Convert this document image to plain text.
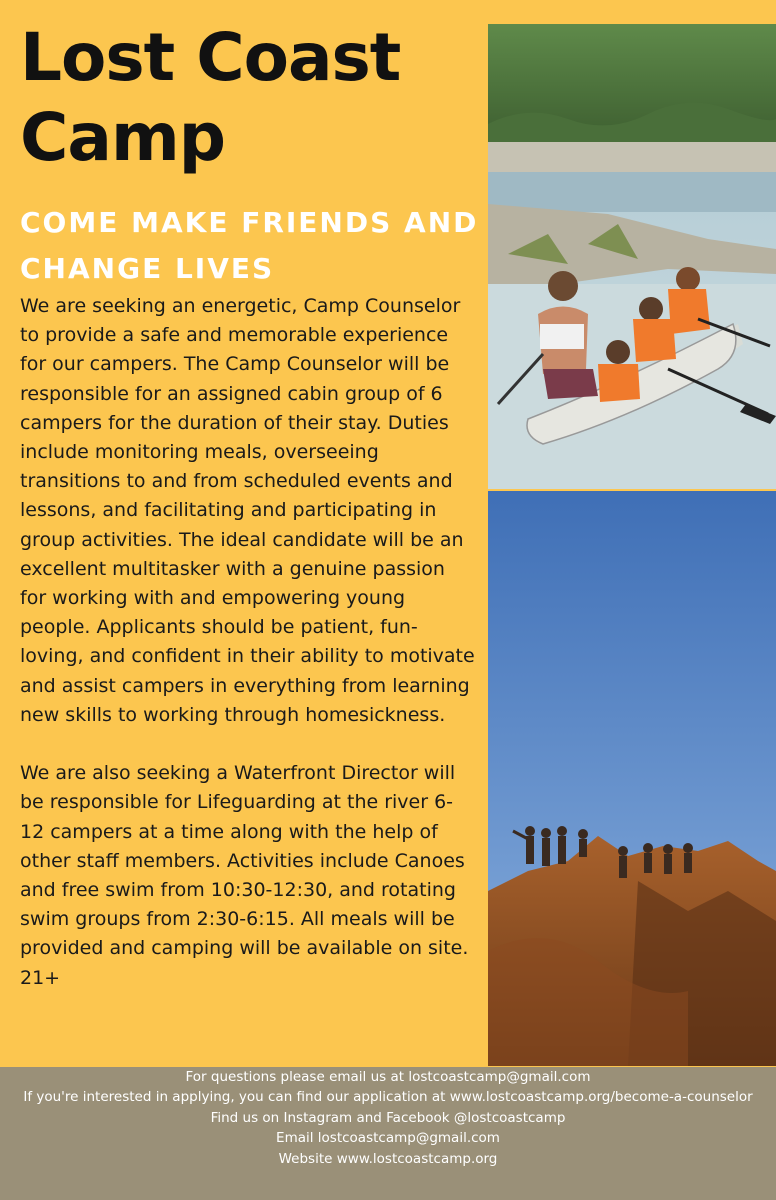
Lost Coast Camp
COME MAKE FRIENDS AND CHANGE LIVES

We are seeking an energetic, Camp Counselor to provide a safe and memorable experience for our campers. The Camp Counselor will be responsible for an assigned cabin group of 6 campers for the duration of their stay. Duties include monitoring meals, overseeing transitions to and from scheduled events and lessons, and facilitating and participating in group activities. The ideal candidate will be an excellent multitasker with a genuine passion for working with and empowering young people. Applicants should be patient, fun-loving, and confident in their ability to motivate and assist campers in everything from learning new skills to working through homesickness.

We are also seeking a Waterfront Director will be responsible for Lifeguarding at the river 6-12 campers at a time along with the help of other staff members. Activities include Canoes and free swim from 10:30-12:30, and rotating swim groups from 2:30-6:15. All meals will be provided and camping will be available on site. 21+

For questions please email us at lostcoastcamp@gmail.com
If you're interested in applying, you can find our application at www.lostcoastcamp.org/become-a-counselor
Find us on Instagram and Facebook @lostcoastcamp
Email lostcoastcamp@gmail.com
Website www.lostcoastcamp.org
